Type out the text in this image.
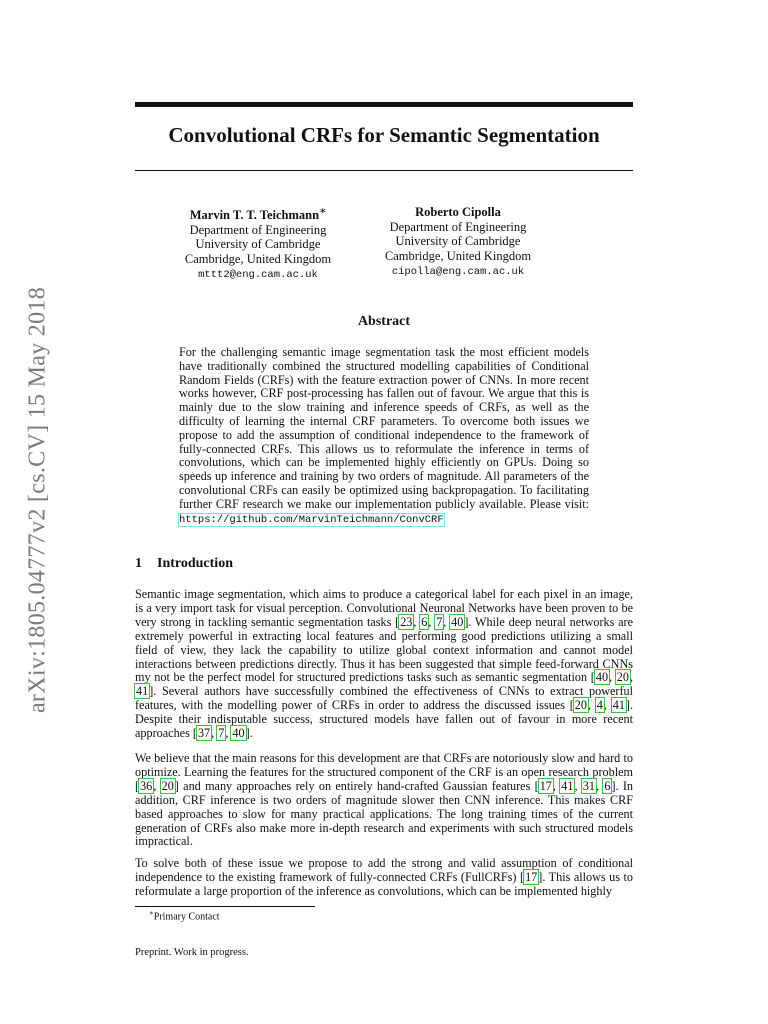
arXiv:1805.04777v2 [cs.CV] 15 May 2018
Convolutional CRFs for Semantic Segmentation
Marvin T. T. Teichmann∗
Department of Engineering
University of Cambridge
Cambridge, United Kingdom
mttt2@eng.cam.ac.uk
Roberto Cipolla
Department of Engineering
University of Cambridge
Cambridge, United Kingdom
cipolla@eng.cam.ac.uk
Abstract

For the challenging semantic image segmentation task the most efficient models have traditionally combined the structured modelling capabilities of Conditional Random Fields (CRFs) with the feature extraction power of CNNs. In more recent works however, CRF post-processing has fallen out of favour. We argue that this is mainly due to the slow training and inference speeds of CRFs, as well as the difficulty of learning the internal CRF parameters. To overcome both issues we propose to add the assumption of conditional independence to the framework of fully-connected CRFs. This allows us to reformulate the inference in terms of convolutions, which can be implemented highly efficiently on GPUs. Doing so speeds up inference and training by two orders of magnitude. All parameters of the convolutional CRFs can easily be optimized using backpropagation. To facilitating further CRF research we make our implementation publicly available. Please visit: https://github.com/MarvinTeichmann/ConvCRF

1 Introduction

Semantic image segmentation, which aims to produce a categorical label for each pixel in an image, is a very import task for visual perception. Convolutional Neuronal Networks have been proven to be very strong in tackling semantic segmentation tasks [23, 6, 7, 40]. While deep neural networks are extremely powerful in extracting local features and performing good predictions utilizing a small field of view, they lack the capability to utilize global context information and cannot model interactions between predictions directly. Thus it has been suggested that simple feed-forward CNNs my not be the perfect model for structured predictions tasks such as semantic segmentation [40, 20, 41]. Several authors have successfully combined the effectiveness of CNNs to extract powerful features, with the modelling power of CRFs in order to address the discussed issues [20, 4, 41]. Despite their indisputable success, structured models have fallen out of favour in more recent approaches [37, 7, 40].

We believe that the main reasons for this development are that CRFs are notoriously slow and hard to optimize. Learning the features for the structured component of the CRF is an open research problem [36, 20] and many approaches rely on entirely hand-crafted Gaussian features [17, 41, 31, 6]. In addition, CRF inference is two orders of magnitude slower then CNN inference. This makes CRF based approaches to slow for many practical applications. The long training times of the current generation of CRFs also make more in-depth research and experiments with such structured models impractical.

To solve both of these issue we propose to add the strong and valid assumption of conditional independence to the existing framework of fully-connected CRFs (FullCRFs) [17]. This allows us to reformulate a large proportion of the inference as convolutions, which can be implemented highly

∗Primary Contact

Preprint. Work in progress.
